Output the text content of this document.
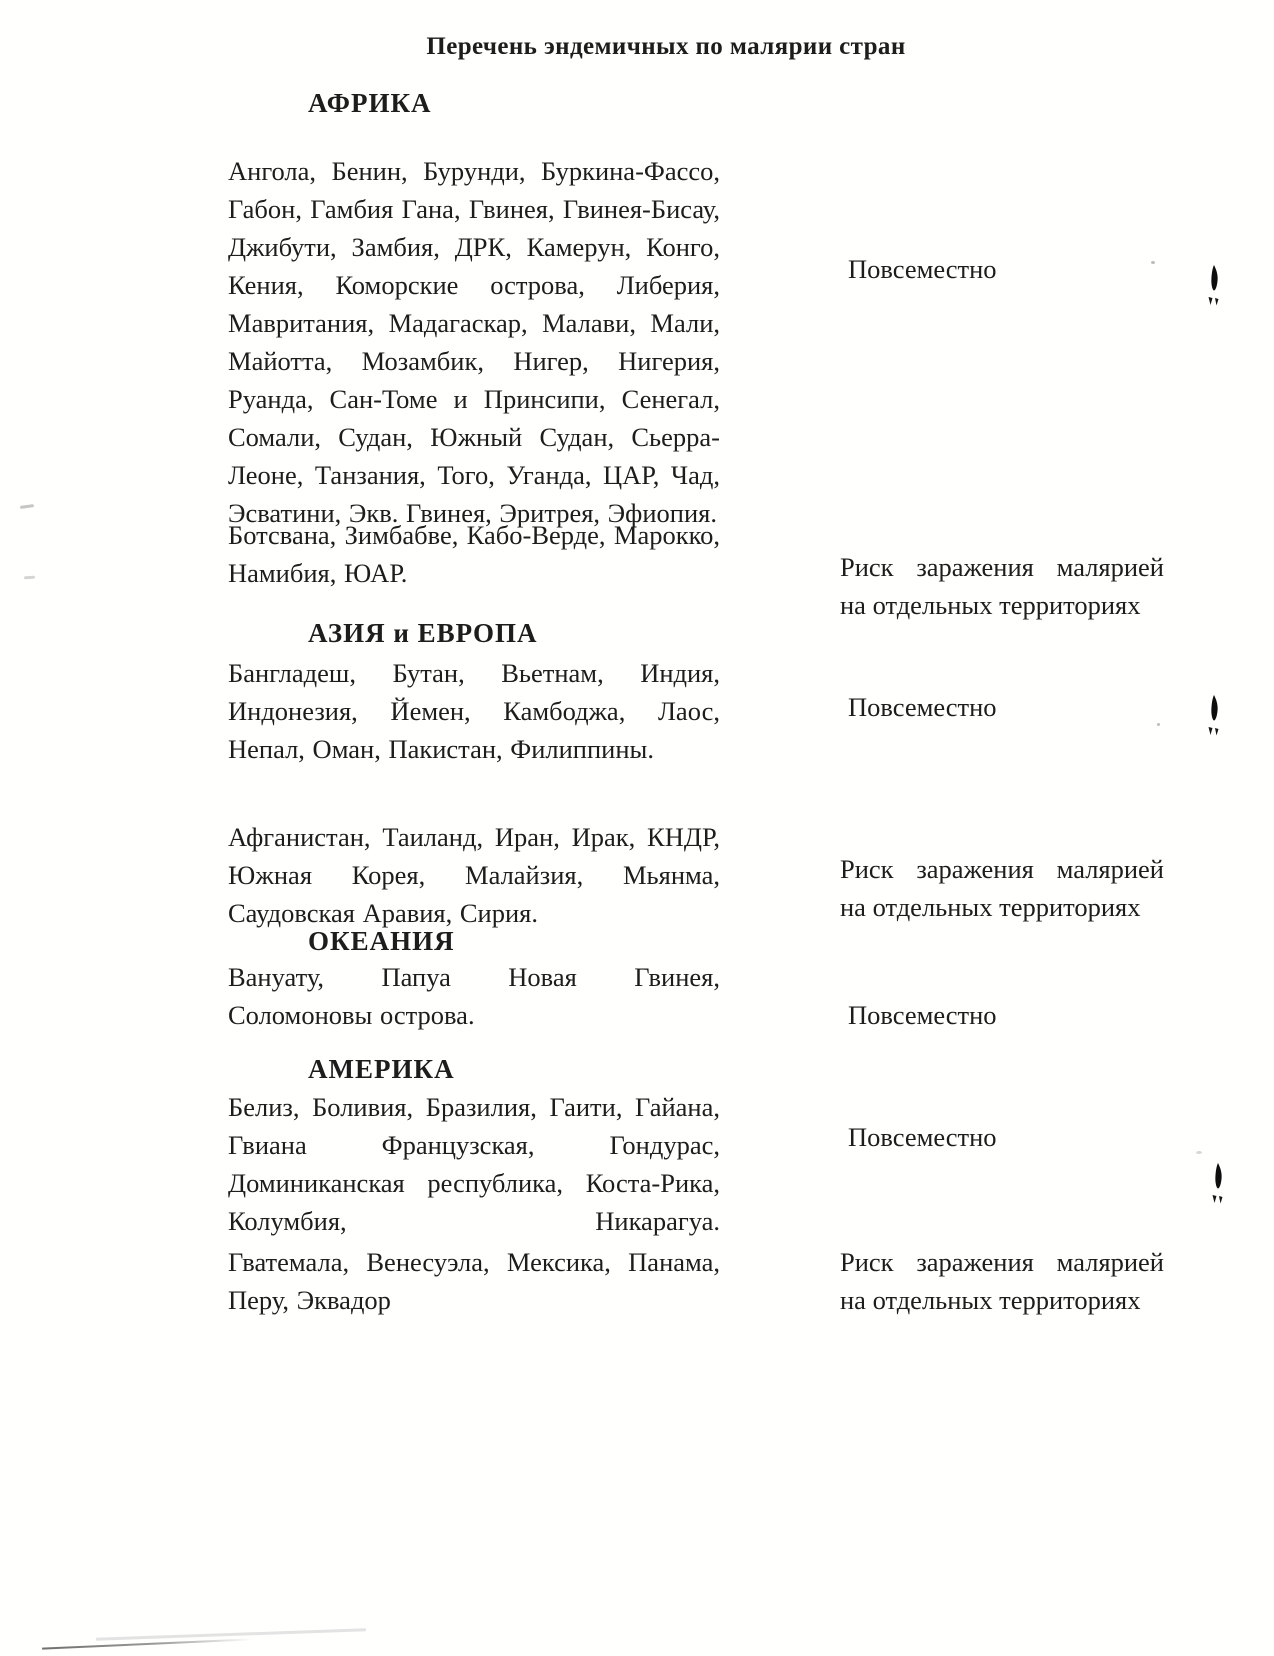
Перечень эндемичных по малярии стран
АФРИКА
Ангола, Бенин, Бурунди, Буркина-Фассо, Габон, Гамбия Гана, Гвинея, Гвинея-Бисау, Джибути, Замбия, ДРК, Камерун, Конго, Кения, Коморские острова, Либерия, Мавритания, Мадагаскар, Малави, Мали, Майотта, Мозамбик, Нигер, Нигерия, Руанда, Сан-Томе и Принсипи, Сенегал, Сомали, Судан, Южный Судан, Сьерра-Леоне, Танзания, Того, Уганда, ЦАР, Чад, Эсватини, Экв. Гвинея, Эритрея, Эфиопия.
Повсеместно
Ботсвана, Зимбабве, Кабо-Верде, Марокко, Намибия, ЮАР.	Риск заражения малярией на отдельных территориях
АЗИЯ и ЕВРОПА
Бангладеш, Бутан, Вьетнам, Индия, Индонезия, Йемен, Камбоджа, Лаос, Непал, Оман, Пакистан, Филиппины.
Повсеместно
Афганистан, Таиланд, Иран, Ирак, КНДР, Южная Корея, Малайзия, Мьянма, Саудовская Аравия, Сирия.
Риск заражения малярией на отдельных территориях
ОКЕАНИЯ
Вануату, Папуа Новая Гвинея, Соломоновы острова.	Повсеместно
АМЕРИКА
Белиз, Боливия, Бразилия, Гаити, Гайана, Гвиана Французская, Гондурас, Доминиканская республика, Коста-Рика, Колумбия, Никарагуа.
Повсеместно
Гватемала, Венесуэла, Мексика, Панама, Перу, Эквадор
Риск заражения малярией на отдельных территориях
